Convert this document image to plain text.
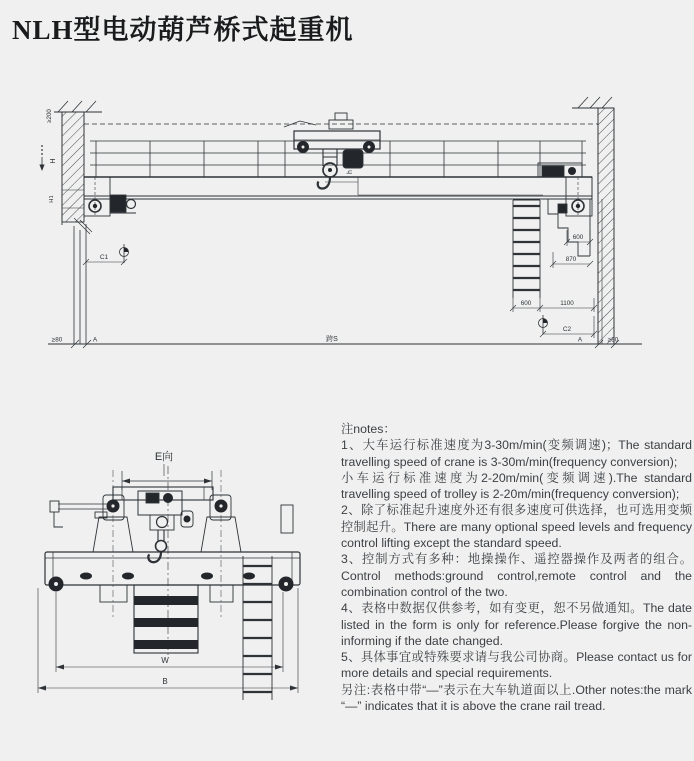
NLH型电动葫芦桥式起重机
h
600
870
600	1100
C2
C1
≥80	A	跨S	A	≥80
≥200
H
H1
E向
W
B

注notes：

1、大车运行标准速度为3-30m/min(变频调速)；The standard travelling speed of crane is 3-30m/min(frequency conversion);

小车运行标准速度为2-20m/min(变频调速).The standard travelling speed of trolley is 2-20m/min(frequency conversion);

2、除了标准起升速度外还有很多速度可供选择，也可选用变频控制起升。There are many optional speed levels and frequency control lifting except the standard speed.

3、控制方式有多种：地操操作、遥控器操作及两者的组合。Control methods:ground control,remote control and the combination control of the two.

4、表格中数据仅供参考，如有变更，恕不另做通知。The date listed in the form is only for reference.Please forgive the non-informing if the date changed.

5、具体事宜或特殊要求请与我公司协商。Please contact us for more details and special requirements.

另注:表格中带“—”表示在大车轨道面以上.Other notes:the mark “—” indicates that it is above the crane rail tread.
